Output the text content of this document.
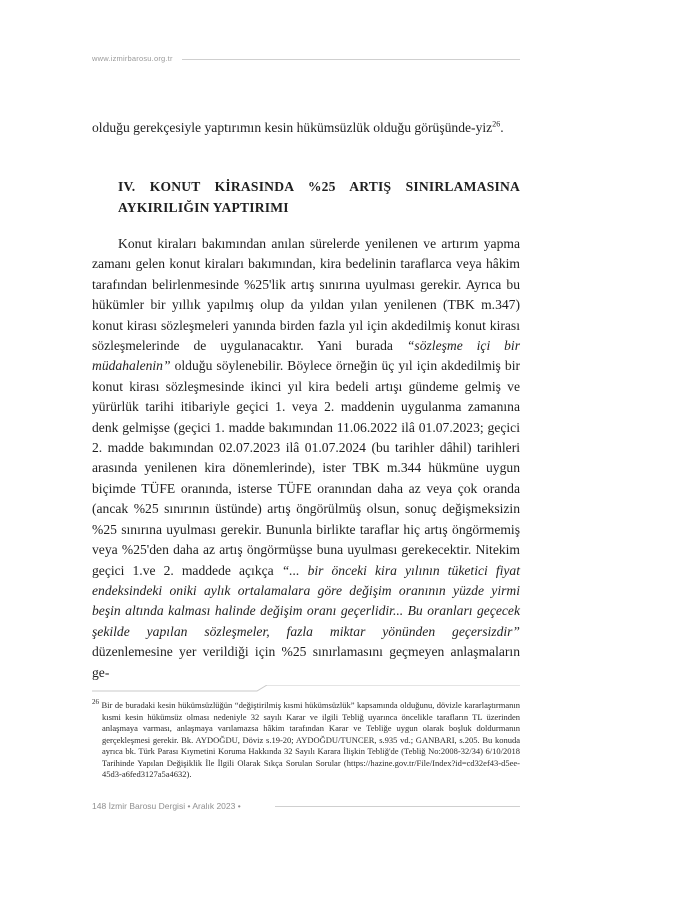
www.izmirbarosu.org.tr

olduğu gerekçesiyle yaptırımın kesin hükümsüzlük olduğu görüşünde-yiz$^{26}$.

IV. KONUT KİRASINDA %25 ARTIŞ SINIRLAMASINA AYKIRILIĞIN YAPTIRIMI

Konut kiraları bakımından anılan sürelerde yenilenen ve artırım yapma zamanı gelen konut kiraları bakımından, kira bedelinin taraflarca veya hâkim tarafından belirlenmesinde %25'lik artış sınırına uyulması gerekir. Ayrıca bu hükümler bir yıllık yapılmış olup da yıldan yılan yenilenen (TBK m.347) konut kirası sözleşmeleri yanında birden fazla yıl için akdedilmiş konut kirası sözleşmelerinde de uygulanacaktır. Yani burada “sözleşme içi bir müdahalenin” olduğu söylenebilir. Böylece örneğin üç yıl için akdedilmiş bir konut kirası sözleşmesinde ikinci yıl kira bedeli artışı gündeme gelmiş ve yürürlük tarihi itibariyle geçici 1. veya 2. maddenin uygulanma zamanına denk gelmişse (geçici 1. madde bakımından 11.06.2022 ilâ 01.07.2023; geçici 2. madde bakımından 02.07.2023 ilâ 01.07.2024 (bu tarihler dâhil) tarihleri arasında yenilenen kira dönemlerinde), ister TBK m.344 hükmüne uygun biçimde TÜFE oranında, isterse TÜFE oranından daha az veya çok oranda (ancak %25 sınırının üstünde) artış öngörülmüş olsun, sonuç değişmeksizin %25 sınırına uyulması gerekir. Bununla birlikte taraflar hiç artış öngörmemiş veya %25'den daha az artış öngörmüşse buna uyulması gerekecektir. Nitekim geçici 1.ve 2. maddede açıkça “... bir önceki kira yılının tüketici fiyat endeksindeki oniki aylık ortalamalara göre değişim oranının yüzde yirmi beşin altında kalması halinde değişim oranı geçerlidir... Bu oranları geçecek şekilde yapılan sözleşmeler, fazla miktar yönünden geçersizdir” düzenlemesine yer verildiği için %25 sınırlamasını geçmeyen anlaşmaların ge-

$^{26}$ Bir de buradaki kesin hükümsüzlüğün “değiştirilmiş kısmi hükümsüzlük” kapsamında olduğunu, dövizle kararlaştırmanın kısmi kesin hükümsüz olması nedeniyle 32 sayılı Karar ve ilgili Tebliğ uyarınca öncelikle tarafların TL üzerinden anlaşmaya varması, anlaşmaya varılamazsa hâkim tarafından Karar ve Tebliğe uygun olarak boşluk doldurmanın gerçekleşmesi gerekir. Bk. AYDOĞDU, Döviz s.19-20; AYDOĞDU/TUNCER, s.935 vd.; GANBARI, s.205. Bu konuda ayrıca bk. Türk Parası Kıymetini Koruma Hakkında 32 Sayılı Karara İlişkin Tebliğ'de (Tebliğ No:2008-32/34) 6/10/2018 Tarihinde Yapılan Değişiklik İle İlgili Olarak Sıkça Sorulan Sorular (https://hazine.gov.tr/File/Index?id=cd32ef43-d5ee-45d3-a6fed3127a5a4632).
148 İzmir Barosu Dergisi • Aralık 2023 •
